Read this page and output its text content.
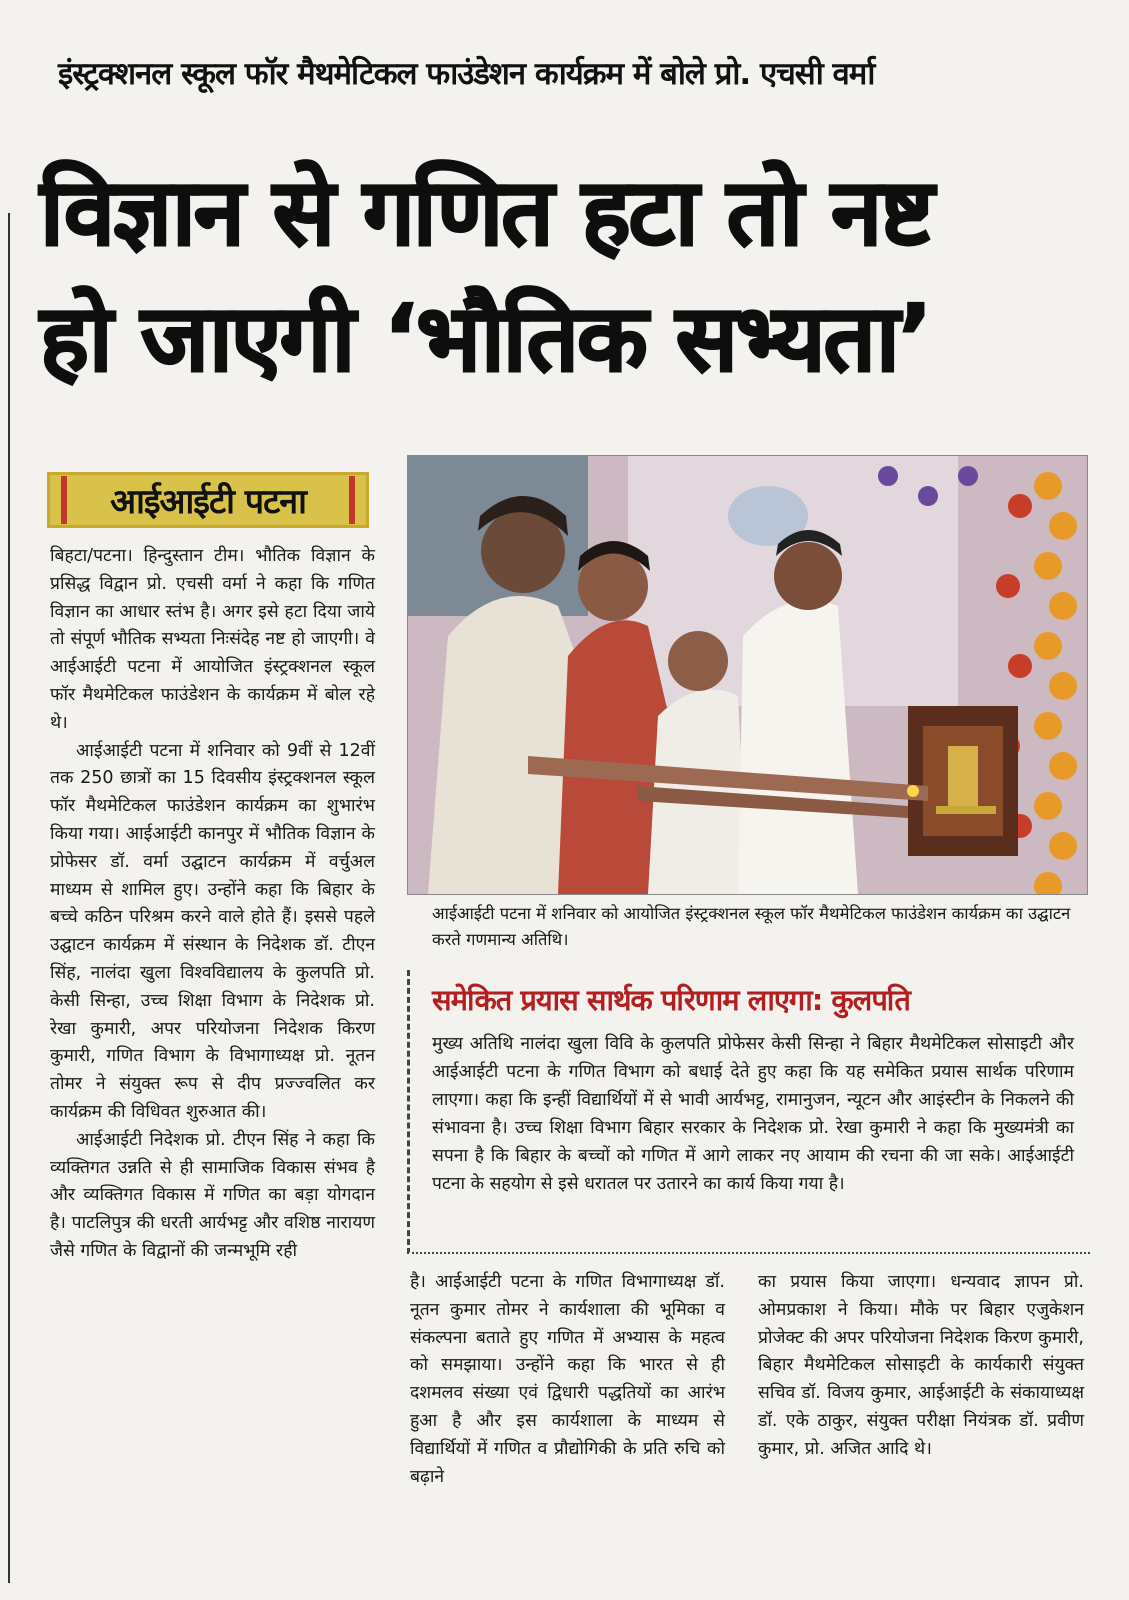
इंस्ट्रक्शनल स्कूल फॉर मैथमेटिकल फाउंडेशन कार्यक्रम में बोले प्रो. एचसी वर्मा
विज्ञान से गणित हटा तो नष्ट
हो जाएगी ‘भौतिक सभ्यता’
आईआईटी पटना

बिहटा/पटना। हिन्दुस्तान टीम। भौतिक विज्ञान के प्रसिद्ध विद्वान प्रो. एचसी वर्मा ने कहा कि गणित विज्ञान का आधार स्तंभ है। अगर इसे हटा दिया जाये तो संपूर्ण भौतिक सभ्यता निःसंदेह नष्ट हो जाएगी। वे आईआईटी पटना में आयोजित इंस्ट्रक्शनल स्कूल फॉर मैथमेटिकल फाउंडेशन के कार्यक्रम में बोल रहे थे।

आईआईटी पटना में शनिवार को 9वीं से 12वीं तक 250 छात्रों का 15 दिवसीय इंस्ट्रक्शनल स्कूल फॉर मैथमेटिकल फाउंडेशन कार्यक्रम का शुभारंभ किया गया। आईआईटी कानपुर में भौतिक विज्ञान के प्रोफेसर डॉ. वर्मा उद्घाटन कार्यक्रम में वर्चुअल माध्यम से शामिल हुए। उन्होंने कहा कि बिहार के बच्चे कठिन परिश्रम करने वाले होते हैं। इससे पहले उद्घाटन कार्यक्रम में संस्थान के निदेशक डॉ. टीएन सिंह, नालंदा खुला विश्वविद्यालय के कुलपति प्रो. केसी सिन्हा, उच्च शिक्षा विभाग के निदेशक प्रो. रेखा कुमारी, अपर परियोजना निदेशक किरण कुमारी, गणित विभाग के विभागाध्यक्ष प्रो. नूतन तोमर ने संयुक्त रूप से दीप प्रज्ज्वलित कर कार्यक्रम की विधिवत शुरुआत की।

आईआईटी निदेशक प्रो. टीएन सिंह ने कहा कि व्यक्तिगत उन्नति से ही सामाजिक विकास संभव है और व्यक्तिगत विकास में गणित का बड़ा योगदान है। पाटलिपुत्र की धरती आर्यभट्ट और वशिष्ठ नारायण जैसे गणित के विद्वानों की जन्मभूमि रही

आईआईटी पटना में शनिवार को आयोजित इंस्ट्रक्शनल स्कूल फॉर मैथमेटिकल फाउंडेशन कार्यक्रम का उद्घाटन करते गणमान्य अतिथि।
समेकित प्रयास सार्थक परिणाम लाएगा: कुलपति

मुख्य अतिथि नालंदा खुला विवि के कुलपति प्रोफेसर केसी सिन्हा ने बिहार मैथमेटिकल सोसाइटी और आईआईटी पटना के गणित विभाग को बधाई देते हुए कहा कि यह समेकित प्रयास सार्थक परिणाम लाएगा। कहा कि इन्हीं विद्यार्थियों में से भावी आर्यभट्ट, रामानुजन, न्यूटन और आइंस्टीन के निकलने की संभावना है। उच्च शिक्षा विभाग बिहार सरकार के निदेशक प्रो. रेखा कुमारी ने कहा कि मुख्यमंत्री का सपना है कि बिहार के बच्चों को गणित में आगे लाकर नए आयाम की रचना की जा सके। आईआईटी पटना के सहयोग से इसे धरातल पर उतारने का कार्य किया गया है।

है। आईआईटी पटना के गणित विभागाध्यक्ष डॉ. नूतन कुमार तोमर ने कार्यशाला की भूमिका व संकल्पना बताते हुए गणित में अभ्यास के महत्व को समझाया। उन्होंने कहा कि भारत से ही दशमलव संख्या एवं द्विधारी पद्धतियों का आरंभ हुआ है और इस कार्यशाला के माध्यम से विद्यार्थियों में गणित व प्रौद्योगिकी के प्रति रुचि को बढ़ाने

का प्रयास किया जाएगा। धन्यवाद ज्ञापन प्रो. ओमप्रकाश ने किया। मौके पर बिहार एजुकेशन प्रोजेक्ट की अपर परियोजना निदेशक किरण कुमारी, बिहार मैथमेटिकल सोसाइटी के कार्यकारी संयुक्त सचिव डॉ. विजय कुमार, आईआईटी के संकायाध्यक्ष डॉ. एके ठाकुर, संयुक्त परीक्षा नियंत्रक डॉ. प्रवीण कुमार, प्रो. अजित आदि थे।
